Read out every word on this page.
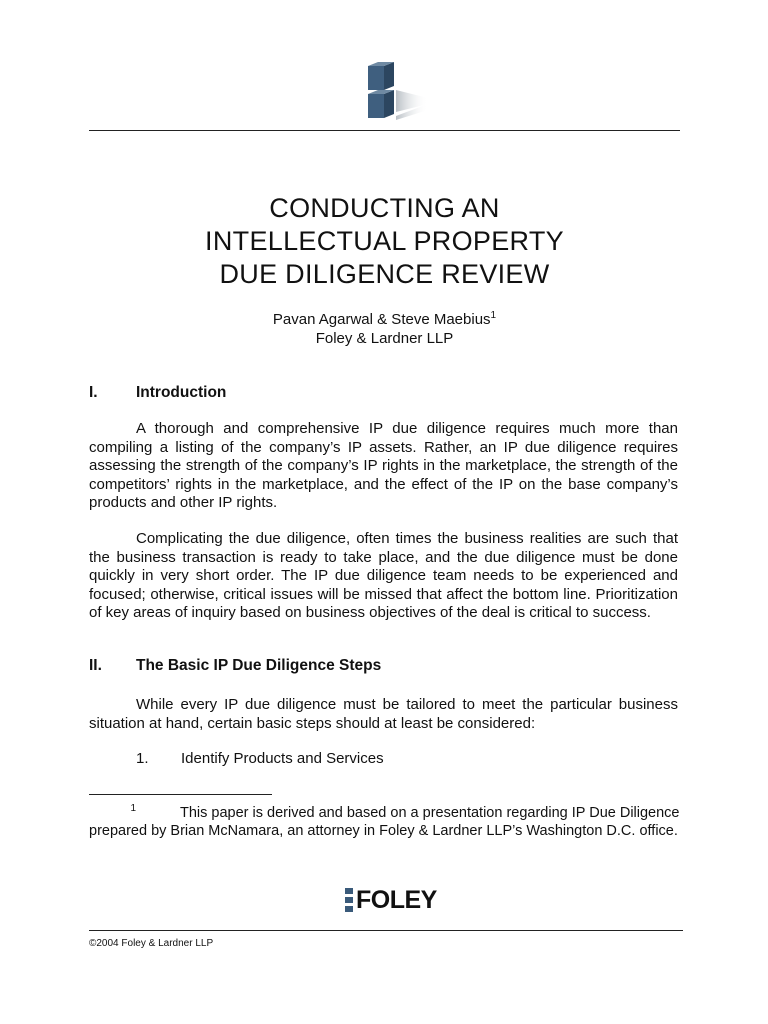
CONDUCTING AN
INTELLECTUAL PROPERTY
DUE DILIGENCE REVIEW
Pavan Agarwal & Steve Maebius$^1$
Foley & Lardner LLP
I. Introduction

A thorough and comprehensive IP due diligence requires much more than compiling a listing of the company’s IP assets. Rather, an IP due diligence requires assessing the strength of the company’s IP rights in the marketplace, the strength of the competitors’ rights in the marketplace, and the effect of the IP on the base company’s products and other IP rights.

Complicating the due diligence, often times the business realities are such that the business transaction is ready to take place, and the due diligence must be done quickly in very short order. The IP due diligence team needs to be experienced and focused; otherwise, critical issues will be missed that affect the bottom line. Prioritization of key areas of inquiry based on business objectives of the deal is critical to success.

II. The Basic IP Due Diligence Steps

While every IP due diligence must be tailored to meet the particular business situation at hand, certain basic steps should at least be considered:

1. Identify Products and Services

1	This paper is derived and based on a presentation regarding IP Due Diligence prepared by Brian McNamara, an attorney in Foley & Lardner LLP’s Washington D.C. office.

FOLEY
©2004 Foley & Lardner LLP
